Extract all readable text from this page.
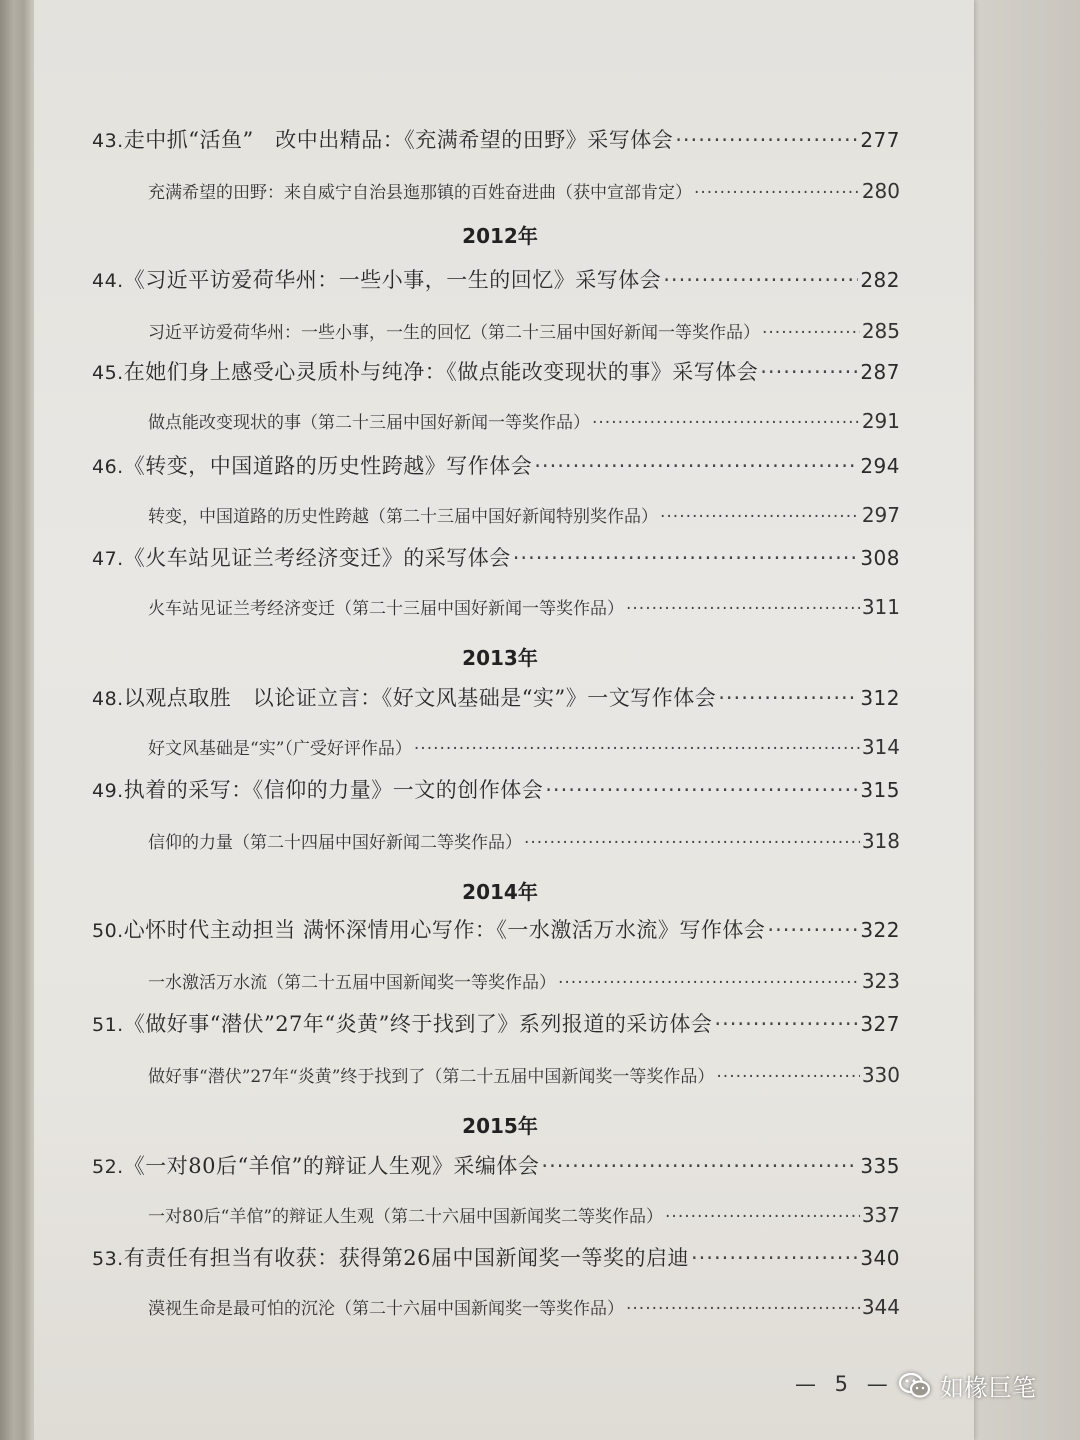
43. 走中抓“活鱼”　改中出精品：《充满希望的田野》采写体会 ·····	277
充满希望的田野：来自威宁自治县迤那镇的百姓奋进曲（获中宣部肯定） ·····	280
2012年
44. 《习近平访爱荷华州：一些小事，一生的回忆》采写体会 ·····	282
习近平访爱荷华州：一些小事，一生的回忆（第二十三届中国好新闻一等奖作品） ·····	285
45. 在她们身上感受心灵质朴与纯净：《做点能改变现状的事》采写体会 ·····	287
做点能改变现状的事（第二十三届中国好新闻一等奖作品） ·····	291
46. 《转变，中国道路的历史性跨越》写作体会 ·····	294
转变，中国道路的历史性跨越（第二十三届中国好新闻特别奖作品） ·····	297
47. 《火车站见证兰考经济变迁》的采写体会 ·····	308
火车站见证兰考经济变迁（第二十三届中国好新闻一等奖作品） ·····	311
2013年
48. 以观点取胜　以论证立言：《好文风基础是“实”》一文写作体会 ·····	312
好文风基础是“实”（广受好评作品） ·····	314
49. 执着的采写：《信仰的力量》一文的创作体会 ·····	315
信仰的力量（第二十四届中国好新闻二等奖作品） ·····	318
2014年
50. 心怀时代主动担当 满怀深情用心写作：《一水激活万水流》写作体会 ·····	322
一水激活万水流（第二十五届中国新闻奖一等奖作品） ·····	323
51. 《做好事“潜伏”27年“炎黄”终于找到了》系列报道的采访体会 ·····	327
做好事“潜伏”27年“炎黄”终于找到了（第二十五届中国新闻奖一等奖作品） ·····	330
2015年
52. 《一对80后“羊倌”的辩证人生观》采编体会 ·····	335
一对80后“羊倌”的辩证人生观（第二十六届中国新闻奖二等奖作品） ·····	337
53. 有责任有担当有收获：获得第26届中国新闻奖一等奖的启迪 ·····	340
漠视生命是最可怕的沉沦（第二十六届中国新闻奖一等奖作品） ·····	344
— 5 — 如椽巨笔
